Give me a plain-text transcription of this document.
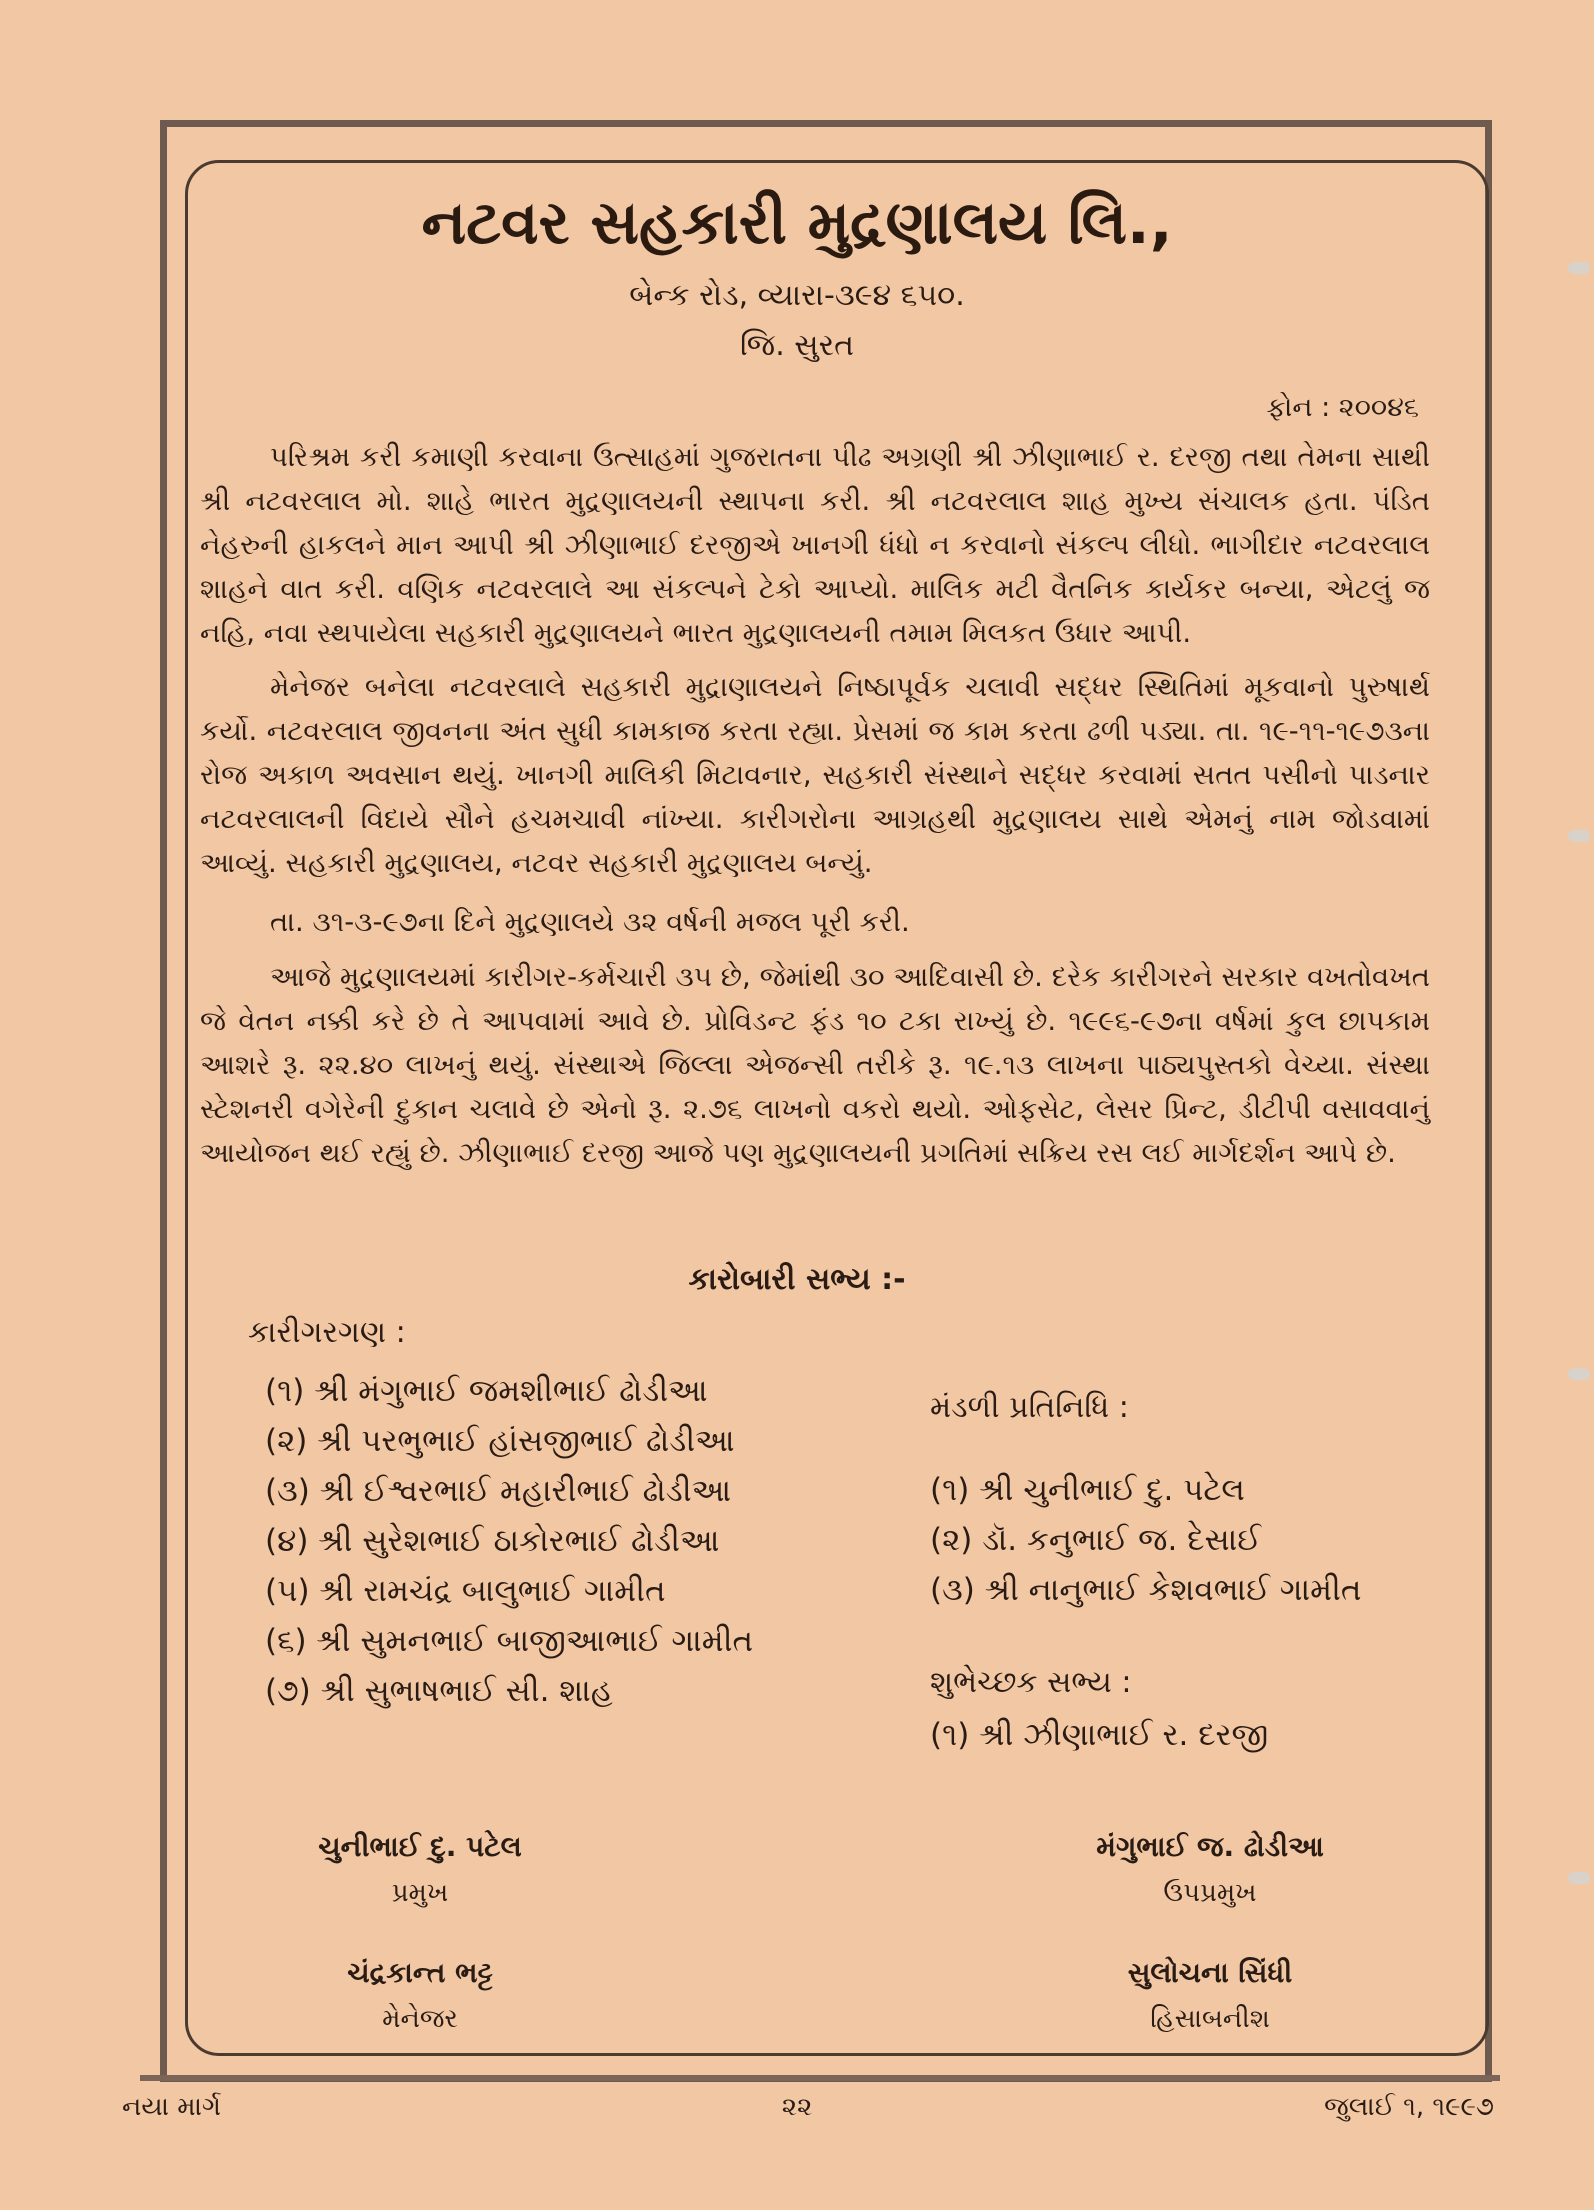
નટવર સહકારી મુદ્રણાલય લિ.,
બેન્ક રોડ, વ્યારા-૩૯૪ ૬૫૦.
જિ. સુરત
ફોન : ૨૦૦૪૬

પરિશ્રમ કરી કમાણી કરવાના ઉત્સાહમાં ગુજરાતના પીઢ અગ્રણી શ્રી ઝીણાભાઈ ર. દરજી તથા તેમના સાથી શ્રી નટવરલાલ મો. શાહે ભારત મુદ્રણાલયની સ્થાપના કરી. શ્રી નટવરલાલ શાહ મુખ્ય સંચાલક હતા. પંડિત નેહરુની હાકલને માન આપી શ્રી ઝીણાભાઈ દરજીએ ખાનગી ધંધો ન કરવાનો સંકલ્પ લીધો. ભાગીદાર નટવરલાલ શાહને વાત કરી. વણિક નટવરલાલે આ સંકલ્પને ટેકો આપ્યો. માલિક મટી વૈતનિક કાર્યકર બન્યા, એટલું જ નહિ, નવા સ્થપાયેલા સહકારી મુદ્રણાલયને ભારત મુદ્રણાલયની તમામ મિલકત ઉધાર આપી.

મેનેજર બનેલા નટવરલાલે સહકારી મુદ્રાણાલયને નિષ્ઠાપૂર્વક ચલાવી સદ્ધર સ્થિતિમાં મૂકવાનો પુરુષાર્થ કર્યો. નટવરલાલ જીવનના અંત સુધી કામકાજ કરતા રહ્યા. પ્રેસમાં જ કામ કરતા ઢળી પડ્યા. તા. ૧૯-૧૧-૧૯૭૩ના રોજ અકાળ અવસાન થયું. ખાનગી માલિકી મિટાવનાર, સહકારી સંસ્થાને સદ્ધર કરવામાં સતત પસીનો પાડનાર નટવરલાલની વિદાયે સૌને હચમચાવી નાંખ્યા. કારીગરોના આગ્રહથી મુદ્રણાલય સાથે એમનું નામ જોડવામાં આવ્યું. સહકારી મુદ્રણાલય, નટવર સહકારી મુદ્રણાલય બન્યું.

તા. ૩૧-૩-૯૭ના દિને મુદ્રણાલયે ૩૨ વર્ષની મજલ પૂરી કરી.

આજે મુદ્રણાલયમાં કારીગર-કર્મચારી ૩૫ છે, જેમાંથી ૩૦ આદિવાસી છે. દરેક કારીગરને સરકાર વખતોવખત જે વેતન નક્કી કરે છે તે આપવામાં આવે છે. પ્રોવિડન્ટ ફંડ ૧૦ ટકા રાખ્યું છે. ૧૯૯૬-૯૭ના વર્ષમાં કુલ છાપકામ આશરે રૂ. ૨૨.૪૦ લાખનું થયું. સંસ્થાએ જિલ્લા એજન્સી તરીકે રૂ. ૧૯.૧૩ લાખના પાઠ્યપુસ્તકો વેચ્યા. સંસ્થા સ્ટેશનરી વગેરેની દુકાન ચલાવે છે એનો રૂ. ૨.૭૬ લાખનો વકરો થયો. ઓફસેટ, લેસર પ્રિન્ટ, ડીટીપી વસાવવાનું આયોજન થઈ રહ્યું છે. ઝીણાભાઈ દરજી આજે પણ મુદ્રણાલયની પ્રગતિમાં સક્રિય રસ લઈ માર્ગદર્શન આપે છે.

કારોબારી સભ્ય :-
કારીગરગણ :
(૧) શ્રી મંગુભાઈ જમશીભાઈ ઢોડીઆ
(૨) શ્રી પરભુભાઈ હાંસજીભાઈ ઢોડીઆ
(૩) શ્રી ઈશ્વરભાઈ મહારીભાઈ ઢોડીઆ
(૪) શ્રી સુરેશભાઈ ઠાકોરભાઈ ઢોડીઆ
(૫) શ્રી રામચંદ્ર બાલુભાઈ ગામીત
(૬) શ્રી સુમનભાઈ બાજીઆભાઈ ગામીત
(૭) શ્રી સુભાષભાઈ સી. શાહ
મંડળી પ્રતિનિધિ :
(૧) શ્રી ચુનીભાઈ દુ. પટેલ
(૨) ડૉ. કનુભાઈ જ. દેસાઈ
(૩) શ્રી નાનુભાઈ કેશવભાઈ ગામીત
શુભેચ્છક સભ્ય :
(૧) શ્રી ઝીણાભાઈ ર. દરજી
ચુનીભાઈ દુ. પટેલ
પ્રમુખ
મંગુભાઈ જ. ઢોડીઆ
ઉપપ્રમુખ
ચંદ્રકાન્ત ભટ્ટ
મેનેજર
સુલોચના સિંધી
હિસાબનીશ
નયા માર્ગ	૨૨	જુલાઈ ૧, ૧૯૯૭
